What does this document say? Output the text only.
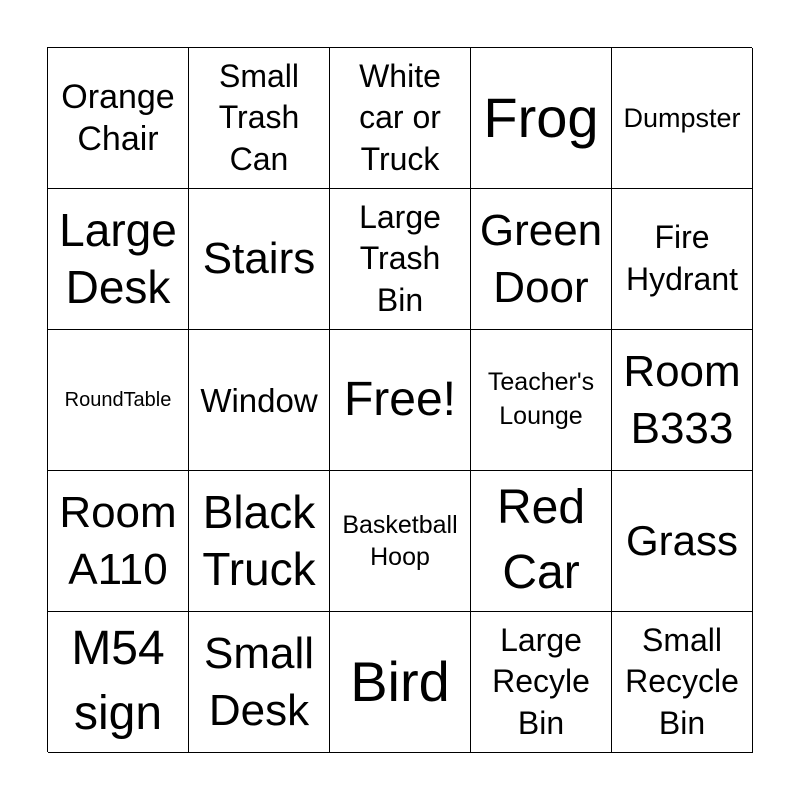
Orange
Chair
Small
Trash
Can
White
car or
Truck
Frog Dumpster
Large
Desk
Stairs
Large
Trash
Bin
Green
Door
Fire
Hydrant
RoundTable Window Free! Teacher's
Lounge
Room
B333
Room
A110
Black
Truck
Basketball
Hoop
Red
Car
Grass
M54
sign
Small
Desk Bird
Large
Recyle
Bin
Small
Recycle
Bin
